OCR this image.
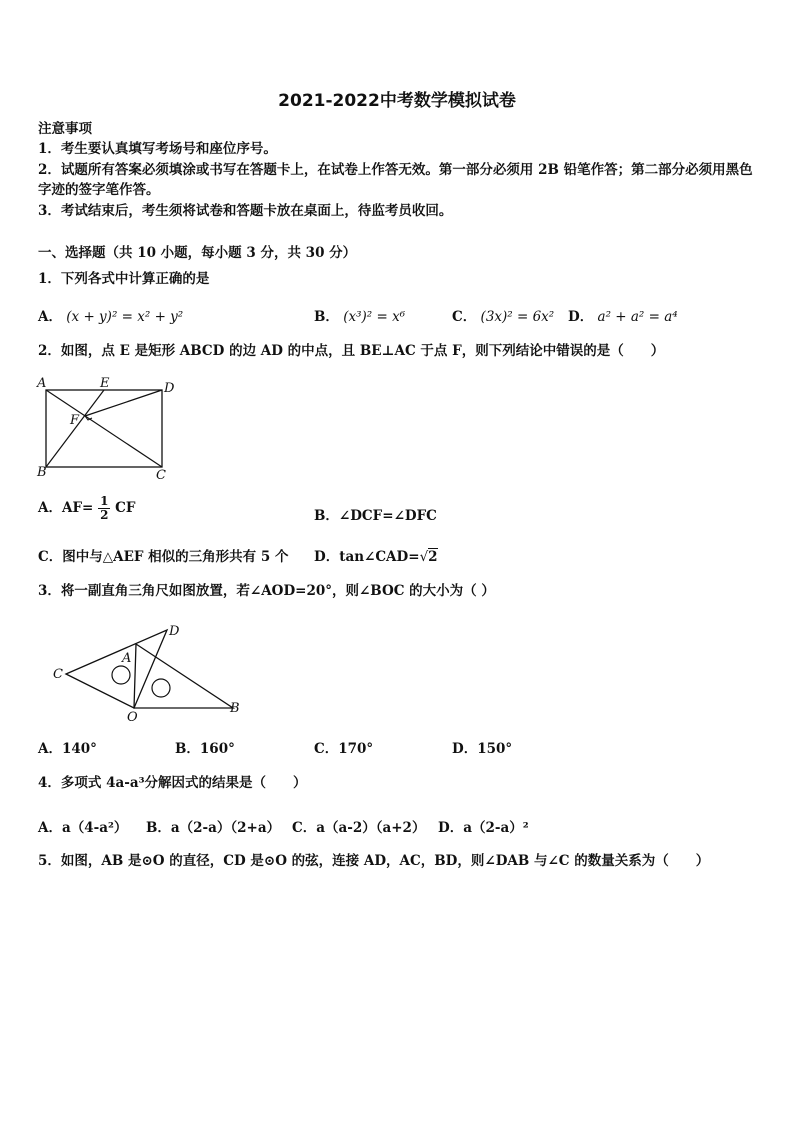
2021-2022中考数学模拟试卷
注意事项
1．考生要认真填写考场号和座位序号。
2．试题所有答案必须填涂或书写在答题卡上，在试卷上作答无效。第一部分必须用 2B 铅笔作答；第二部分必须用黑色字迹的签字笔作答。
3．考试结束后，考生须将试卷和答题卡放在桌面上，待监考员收回。
一、选择题（共 10 小题，每小题 3 分，共 30 分）
1．下列各式中计算正确的是
A． (x + y)² = x² + y²	B． (x³)² = x⁶	C． (3x)² = 6x² D． a² + a² = a⁴
2．如图，点 E 是矩形 ABCD 的边 AD 的中点，且 BE⊥AC 于点 F，则下列结论中错误的是（　　）
A	E	D
F
B	C
A．$AF= \frac{1}{2}$ CF	B．∠DCF=∠DFC
C．图中与△AEF 相似的三角形共有 5 个 D．tan∠CAD=√2
3．将一副直角三角尺如图放置，若∠AOD=20°，则∠BOC 的大小为（ ）
D
A
C
O
B
A．140°	B．160°	C．170°	D．150°
4．多项式 4a-a³分解因式的结果是（　　）
A．a（4-a²） B．a（2-a）（2+a） C．a（a-2）（a+2） D．a（2-a）²
5．如图，AB 是⊙O 的直径，CD 是⊙O 的弦，连接 AD，AC，BD，则∠DAB 与∠C 的数量关系为（　　）
